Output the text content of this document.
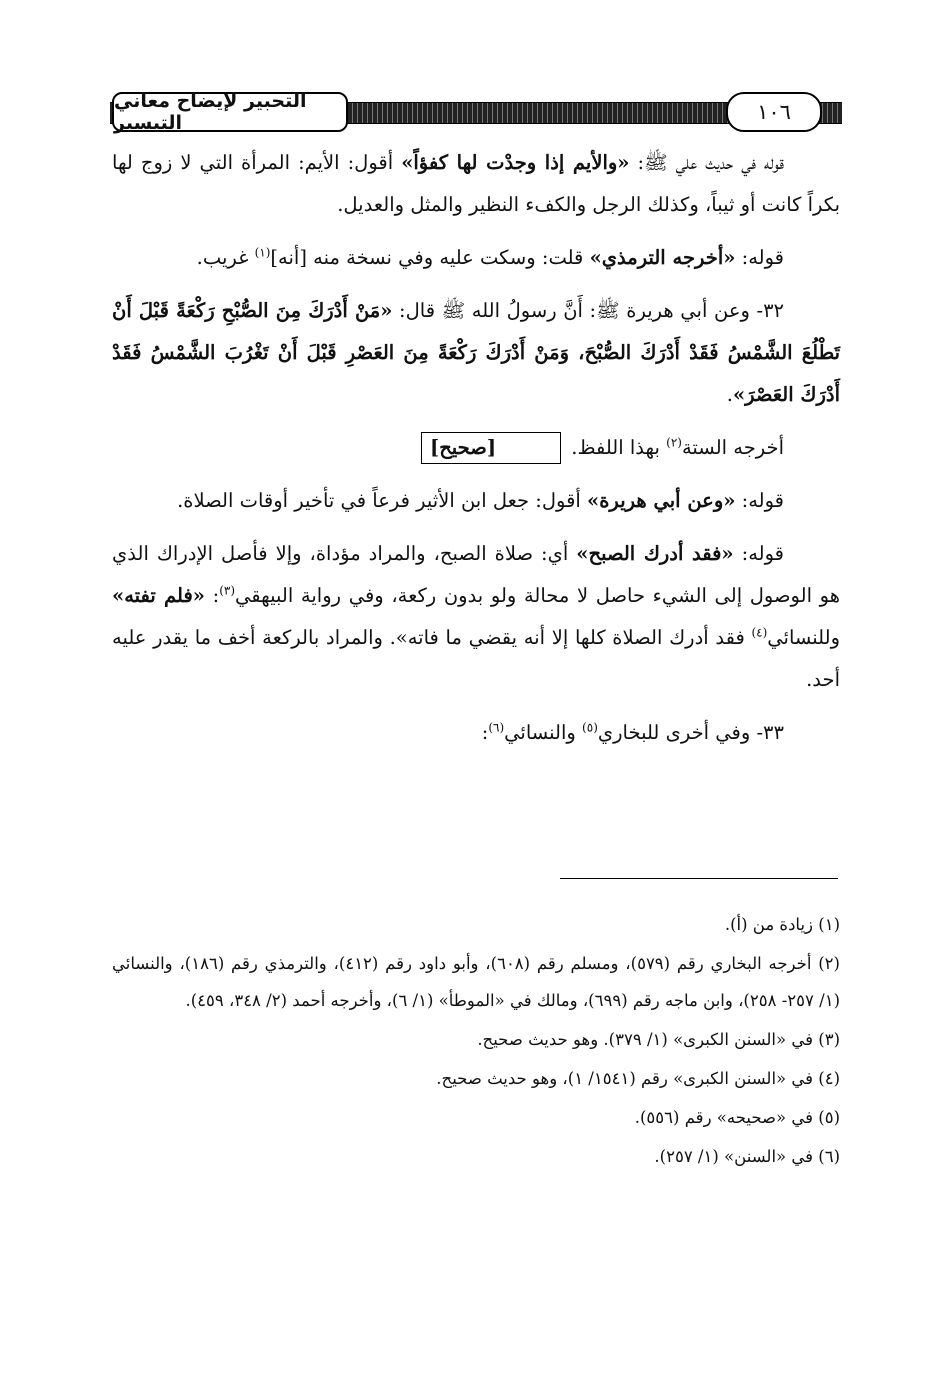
التحبير لإيضاح معاني التيسير	١٠٦

قوله في حديث علي ﷺ: «والأيم إذا وجدْت لها كفؤاً» أقول: الأيم: المرأة التي لا زوج لها بكراً كانت أو ثيباً، وكذلك الرجل والكفء النظير والمثل والعديل.

قوله: «أخرجه الترمذي» قلت: وسكت عليه وفي نسخة منه [أنه]$^{(١)}$ غريب.

٣٢- وعن أبي هريرة ﷺ: أَنَّ رسولُ الله ﷺ قال: «مَنْ أَدْرَكَ مِنَ الصُّبْحِ رَكْعَةً قَبْلَ أَنْ تَطْلُعَ الشَّمْسُ فَقَدْ أَدْرَكَ الصُّبْحَ، وَمَنْ أَدْرَكَ رَكْعَةً مِنَ العَصْرِ قَبْلَ أَنْ تَغْرُبَ الشَّمْسُ فَقَدْ أَدْرَكَ العَصْرَ».

أخرجه الستة$^{(٢)}$ بهذا اللفظ. [صحيح]

قوله: «وعن أبي هريرة» أقول: جعل ابن الأثير فرعاً في تأخير أوقات الصلاة.

قوله: «فقد أدرك الصبح» أي: صلاة الصبح، والمراد مؤداة، وإلا فأصل الإدراك الذي هو الوصول إلى الشيء حاصل لا محالة ولو بدون ركعة، وفي رواية البيهقي$^{(٣)}$: «فلم تفته» وللنسائي$^{(٤)}$ فقد أدرك الصلاة كلها إلا أنه يقضي ما فاته». والمراد بالركعة أخف ما يقدر عليه أحد.

٣٣- وفي أخرى للبخاري$^{(٥)}$ والنسائي$^{(٦)}$:

(١) زيادة من (أ).
(٢) أخرجه البخاري رقم (٥٧٩)، ومسلم رقم (٦٠٨)، وأبو داود رقم (٤١٢)، والترمذي رقم (١٨٦)، والنسائي (١/ ٢٥٧- ٢٥٨)، وابن ماجه رقم (٦٩٩)، ومالك في «الموطأ» (١/ ٦)، وأخرجه أحمد (٢/ ٣٤٨، ٤٥٩).
(٣) في «السنن الكبرى» (١/ ٣٧٩). وهو حديث صحيح.
(٤) في «السنن الكبرى» رقم (١٥٤١/ ١)، وهو حديث صحيح.
(٥) في «صحيحه» رقم (٥٥٦).
(٦) في «السنن» (١/ ٢٥٧).
